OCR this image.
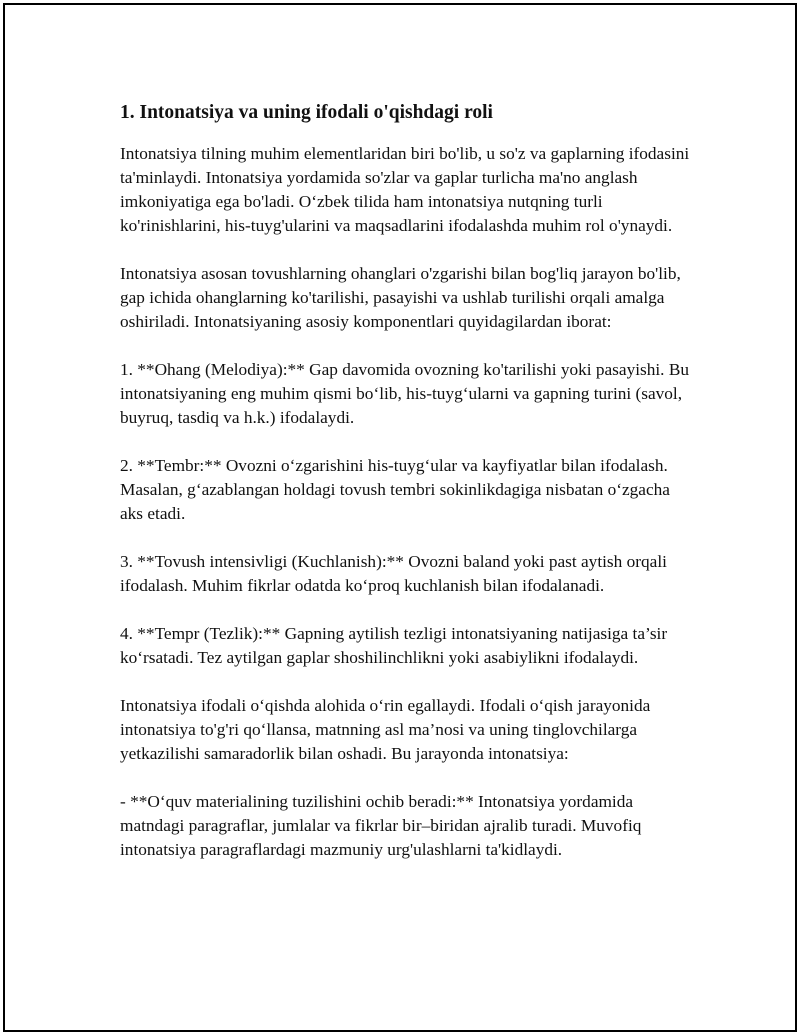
1. Intonatsiya va uning ifodali o'qishdagi roli

Intonatsiya tilning muhim elementlaridan biri bo'lib, u so'z va gaplarning ifodasini ta'minlaydi. Intonatsiya yordamida so'zlar va gaplar turlicha ma'no anglash imkoniyatiga ega bo'ladi. O‘zbek tilida ham intonatsiya nutqning turli ko'rinishlarini, his-tuyg'ularini va maqsadlarini ifodalashda muhim rol o'ynaydi.

Intonatsiya asosan tovushlarning ohanglari o'zgarishi bilan bog'liq jarayon bo'lib, gap ichida ohanglarning ko'tarilishi, pasayishi va ushlab turilishi orqali amalga oshiriladi. Intonatsiyaning asosiy komponentlari quyidagilardan iborat:

1. **Ohang (Melodiya):** Gap davomida ovozning ko'tarilishi yoki pasayishi. Bu intonatsiyaning eng muhim qismi bo‘lib, his-tuyg‘ularni va gapning turini (savol, buyruq, tasdiq va h.k.) ifodalaydi.

2. **Tembr:** Ovozni o‘zgarishini his-tuyg‘ular va kayfiyatlar bilan ifodalash. Masalan, g‘azablangan holdagi tovush tembri sokinlikdagiga nisbatan o‘zgacha aks etadi.

3. **Tovush intensivligi (Kuchlanish):** Ovozni baland yoki past aytish orqali ifodalash. Muhim fikrlar odatda ko‘proq kuchlanish bilan ifodalanadi.

4. **Tempr (Tezlik):** Gapning aytilish tezligi intonatsiyaning natijasiga ta’sir ko‘rsatadi. Tez aytilgan gaplar shoshilinchlikni yoki asabiylikni ifodalaydi.

Intonatsiya ifodali o‘qishda alohida o‘rin egallaydi. Ifodali o‘qish jarayonida intonatsiya to'g'ri qo‘llansa, matnning asl ma’nosi va uning tinglovchilarga yetkazilishi samaradorlik bilan oshadi. Bu jarayonda intonatsiya:

- **O‘quv materialining tuzilishini ochib beradi:** Intonatsiya yordamida matndagi paragraflar, jumlalar va fikrlar bir–biridan ajralib turadi. Muvofiq intonatsiya paragraflardagi mazmuniy urg'ulashlarni ta'kidlaydi.
